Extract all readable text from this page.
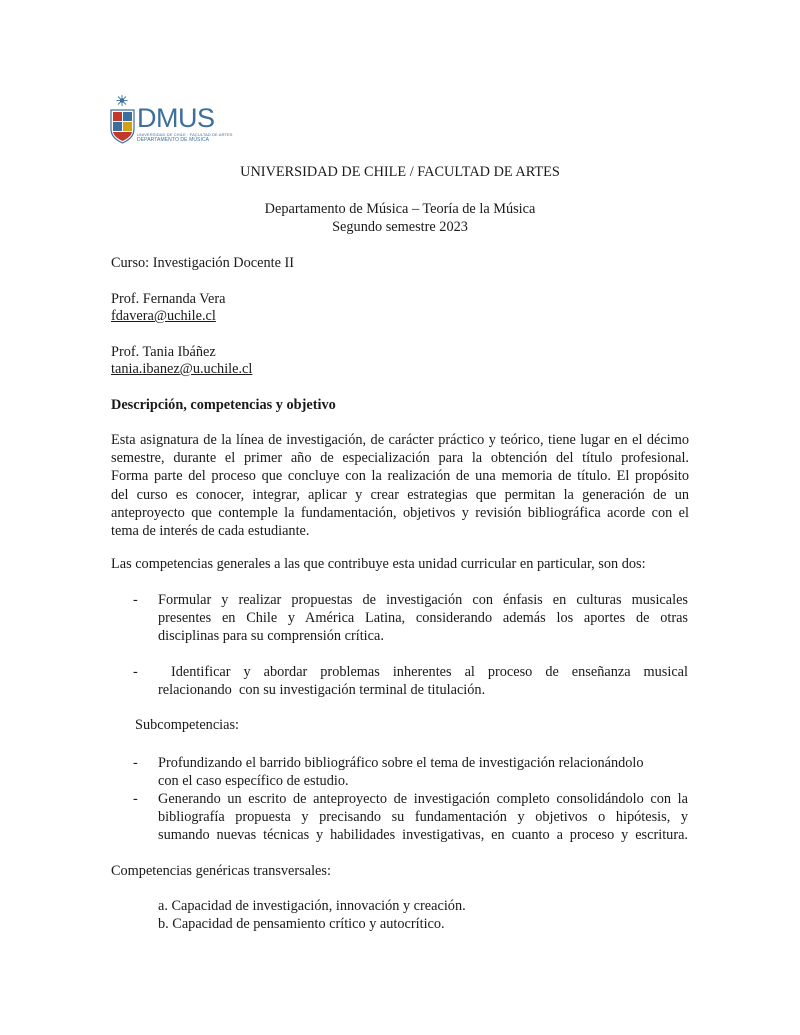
DMUS
UNIVERSIDAD DE CHILE · FACULTAD DE ARTES
DEPARTAMENTO DE MÚSICA
UNIVERSIDAD DE CHILE / FACULTAD DE ARTES
Departamento de Música – Teoría de la Música
Segundo semestre 2023
Curso: Investigación Docente II
Prof. Fernanda Vera
fdavera@uchile.cl
Prof. Tania Ibáñez
tania.ibanez@u.uchile.cl
Descripción, competencias y objetivo
Esta asignatura de la línea de investigación, de carácter práctico y teórico, tiene lugar en el décimo
semestre, durante el primer año de especialización para la obtención del título profesional.
Forma parte del proceso que concluye con la realización de una memoria de título. El propósito
del curso es conocer, integrar, aplicar y crear estrategias que permitan la generación de un
anteproyecto que contemple la fundamentación, objetivos y revisión bibliográfica acorde con el
tema de interés de cada estudiante.
Las competencias generales a las que contribuye esta unidad curricular en particular, son dos:
- Formular y realizar propuestas de investigación con énfasis en culturas musicales
presentes en Chile y América Latina, considerando además los aportes de otras
disciplinas para su comprensión crítica.
- Identificar y abordar problemas inherentes al proceso de enseñanza musical
relacionando  con su investigación terminal de titulación.
Subcompetencias:
- Profundizando el barrido bibliográfico sobre el tema de investigación relacionándolo
con el caso específico de estudio.
- Generando un escrito de anteproyecto de investigación completo consolidándolo con la
bibliografía propuesta y precisando su fundamentación y objetivos o hipótesis, y
sumando nuevas técnicas y habilidades investigativas, en cuanto a proceso y escritura.
Competencias genéricas transversales:
a. Capacidad de investigación, innovación y creación.
b. Capacidad de pensamiento crítico y autocrítico.
